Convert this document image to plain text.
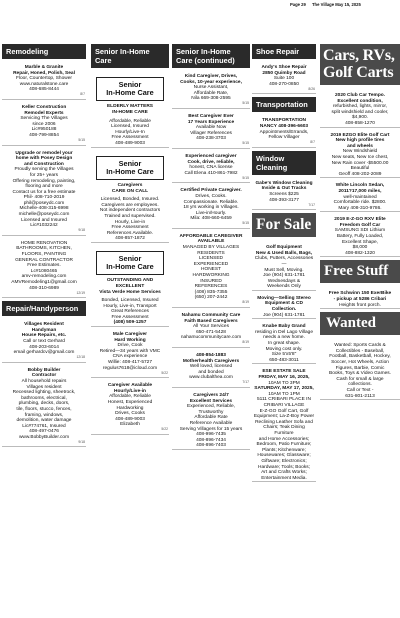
Page 29 The Village May 15, 2025
Remodeling
Marble & Granite
Repair, Honed, Polish, Seal
Floor, Countertop, Shower
www.naturalstone.care
408-685-8444
8/7
Keller Construction
Remodel Experts
Servicing The Villages
since 2006
Lic#950188
408-799-8854
5/15
Upgrade or remodel your
home with Posey Design
and Construction
Proudly serving the Villages
for 25+ years
Offering remodeling, painting,
flooring and more
Contact us for a free estimate
Phil- 408-710-2019
phil@poseydc.com
Michelle-408-315-6998
michelle@poseydc.com
Licensed and Insured
Lic#1032242
9/18
HOME RENOVATION
BATHROOMS, KITCHEN,
FLOORS, PAINTING
GENERAL CONTRACTOR
Free Estimates.
Lc#1080465
amv-remodeling.com
AMVRemodeling1@gmail.com
408-310-6989
12/19
Repair/Handyperson
Villages Resident
Handyman
House Repairs, etc.
Call or text Gerhard
408-203-6014
email gerhardcv@gmail.com
12/18
Bobby Builder
Contractor
All household repairs
Villages resident
Recessed lighting, sheetrock,
bathrooms, electrical,
plumbing, decks, doors,
tile, floors, stucco, fences,
framing, windows,
demolition, water damage
Lic#774761, Insured
408-497-0476
www.BobbyBuilder.com
9/18
Senior In-Home Care
Senior
In-Home Care
ELDERLY MATTERS
IN-HOME CARE
Affordable, Reliable
Licensed, Insured
Hourly/Live-In
Free Assessment
408-489-9003
Senior
In-Home Care
Caregivers
CARE ON CALL
Licensed, Bonded, Insured.
Caregivers are employees.
Not independent contractors
Trained and supervised.
Hourly, Live-in
Free Assessment
References Available.
408-857-1872
Senior
In-Home Care
OUTSTANDING AND
EXCELLENT
Vista Verde Home Services
Bonded, Licensed, Insured
Hourly, Live-in, Transport
Great References
Free Assessment
(408) 509-1257
Male Caregiver
Hard Working
Drive, Cook
Retired—34 years with VMC
CNA experience
Willie: 408-417-5727
regulus7618@icloud.com
5/22
Caregiver Available
Hourly/Live-in
Affordable, Reliable
Honest, Experienced
Hardworking
Drives, Cooks
408-489-9003
Elizabeth
5/22
Senior In-Home Care (continued)
Kind Caregiver, Drives,
Cooks, 10-year experience,
Nurse Assistant,
Affordable Rate,
Nila 669-308-2595
5/15
Best Caregiver Ever
17 Years Experience
Available Now
Villager References
408-238-3703
5/15
Experienced caregiver
Cook, drive, reliable,
honest, CNA license
Call Elena 410-861-7982
5/15
Certified Private Caregiver.
Drives, Cooks.
Compassionate. Reliable.
18 yrs working in Villages.
Live-in/Hourly.
Mila: 408-660-6459
5/15
AFFORDABLE CAREGIVER
AVAILABLE
MANAGED BY VILLAGES
RESIDENTS
LICENSED
EXPERIENCED
HONEST
HARDWORKING
INSURED
REFERENCES
(408) 835-7355
(650) 207-2442
8/19
Nahamu Community Care
Faith Based Caregivers
All Your Services
650-471-5428
nahamucommunitycare.com
8/19
408-854-1883
Motherhealth Caregivers
Well loved, licensed
and bonded
www.clubalthea.com
7/17
Caregivers 24/7
Excellent Services
Experienced, Reliable,
Trustworthy
Affordable Rate
Reference Available
Serving Villagers for 15 years
408-996-7435
408-896-7434
408-896-7403
Shoe Repair
Andy's Shoe Repair
2850 Quimby Road
Suite 100
408-270-0850
8/26
Transportation
TRANSPORTATION
NANCY 408-396-6603
Appointments/Errands,
Fellow Villager
8/7
Window Cleaning
Gabe's Window Cleaning
Inside & Out Tracks
Screens $225
408-393-3177
7/17
For Sale
Golf Equipment
New & Used Balls, Bags,
Clubs, Putters, Accessories—
Must Sell, Moving.
Joe (904) 631-1781
Wednesdays &
Weekends Only
Moving—Selling Stereo
Equipment & CD Collection.
Joe (904) 631-1781
Knabe Baby Grand
residing in Del Lago Village
needs a new home.
In great shape.
Moving cost only.
Size 5'x5'8"
650-483-3011
ESE ESTATE SALE
FRIDAY, MAY 16, 2025,
10AM TO 3PM
SATURDAY, MAY 17, 2025,
10AM TO 1PM
5111 CRIBARI PLACE IN
CRIBARI VILLAGE
E-Z-GO Golf Cart, Golf
Equipment; La-Z-Boy Power
Reclining Leather Sofa and
Chairs; Teak Dining Furniture
and Home Accessories;
Bedroom, Patio Furniture;
Plants; Kitchenware;
Housewares; Glassware;
Giftware; Electronics;
Hardware; Tools; Books;
Art and Crafts Works;
Entertainment Media.
Cars, RVs,
Golf Carts
2020 Club Car Tempo.
Excellent condition,
refurbished, lights, mirror,
split windshield and cooler,
$4,900.
408-858-1270
2019 EZGO Elite Golf Cart
New high profile tires
and wheels
New Windshield
New seats, New Ice chest,
New Rain cover -$5500.00
Beautiful
Geoff 408-202-2089
White Lincoln Sedan,
2011?17,000 miles,
well-maintained
Comfortable ride. $2800.
Mary 408-310-9786.
2019 E-Z-GO RXV Elite
Freedom Golf Car
SAMSUNG SDI Lithium
Battery, Fully Loaded,
Excellent Shape,
$8,000
408-882-1320
Free Stuff
Free Schwinn 150 ExerBike
- pickup at 5286 Cribari
Heights front porch.
Wanted
Wanted: Sports Cards &
Collectibles - Baseball,
Football, Basketball, Hockey,
Soccer, Hot Wheels, Action
Figures, Barbie, Comic
Books, Toys & Video Games.
Cash for small & large
collections.
Call or Text -
631-801-2113
